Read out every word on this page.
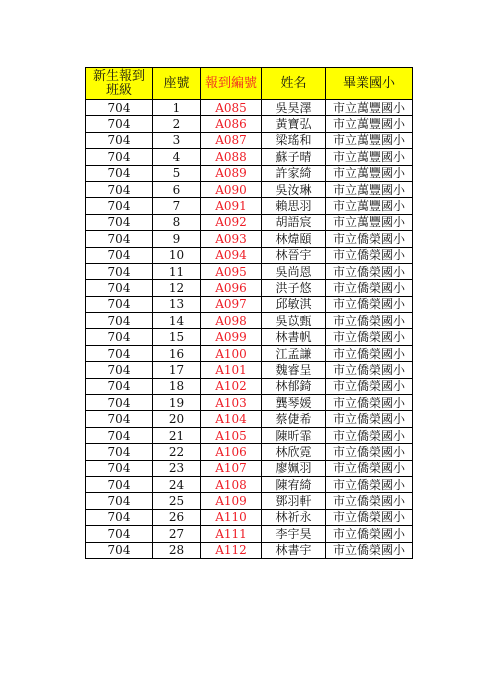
新生報到
班級	座號	報到編號	姓名	畢業國小
704	1	A085	吳昊澤	市立萬豐國小
704	2	A086	黃寶弘	市立萬豐國小
704	3	A087	梁瑤和	市立萬豐國小
704	4	A088	蘇子晴	市立萬豐國小
704	5	A089	許家綺	市立萬豐國小
704	6	A090	吳汝琳	市立萬豐國小
704	7	A091	賴思羽	市立萬豐國小
704	8	A092	胡語宸	市立萬豐國小
704	9	A093	林煒頤	市立僑榮國小
704	10	A094	林晉宇	市立僑榮國小
704	11	A095	吳尚恩	市立僑榮國小
704	12	A096	洪子悠	市立僑榮國小
704	13	A097	邱敏淇	市立僑榮國小
704	14	A098	吳苡甄	市立僑榮國小
704	15	A099	林書帆	市立僑榮國小
704	16	A100	江孟謙	市立僑榮國小
704	17	A101	魏睿呈	市立僑榮國小
704	18	A102	林郁錡	市立僑榮國小
704	19	A103	龔琴媛	市立僑榮國小
704	20	A104	蔡倢希	市立僑榮國小
704	21	A105	陳昕霏	市立僑榮國小
704	22	A106	林欣霓	市立僑榮國小
704	23	A107	廖姵羽	市立僑榮國小
704	24	A108	陳宥綺	市立僑榮國小
704	25	A109	鄧羽軒	市立僑榮國小
704	26	A110	林祈永	市立僑榮國小
704	27	A111	李宇昊	市立僑榮國小
704	28	A112	林書宇	市立僑榮國小
